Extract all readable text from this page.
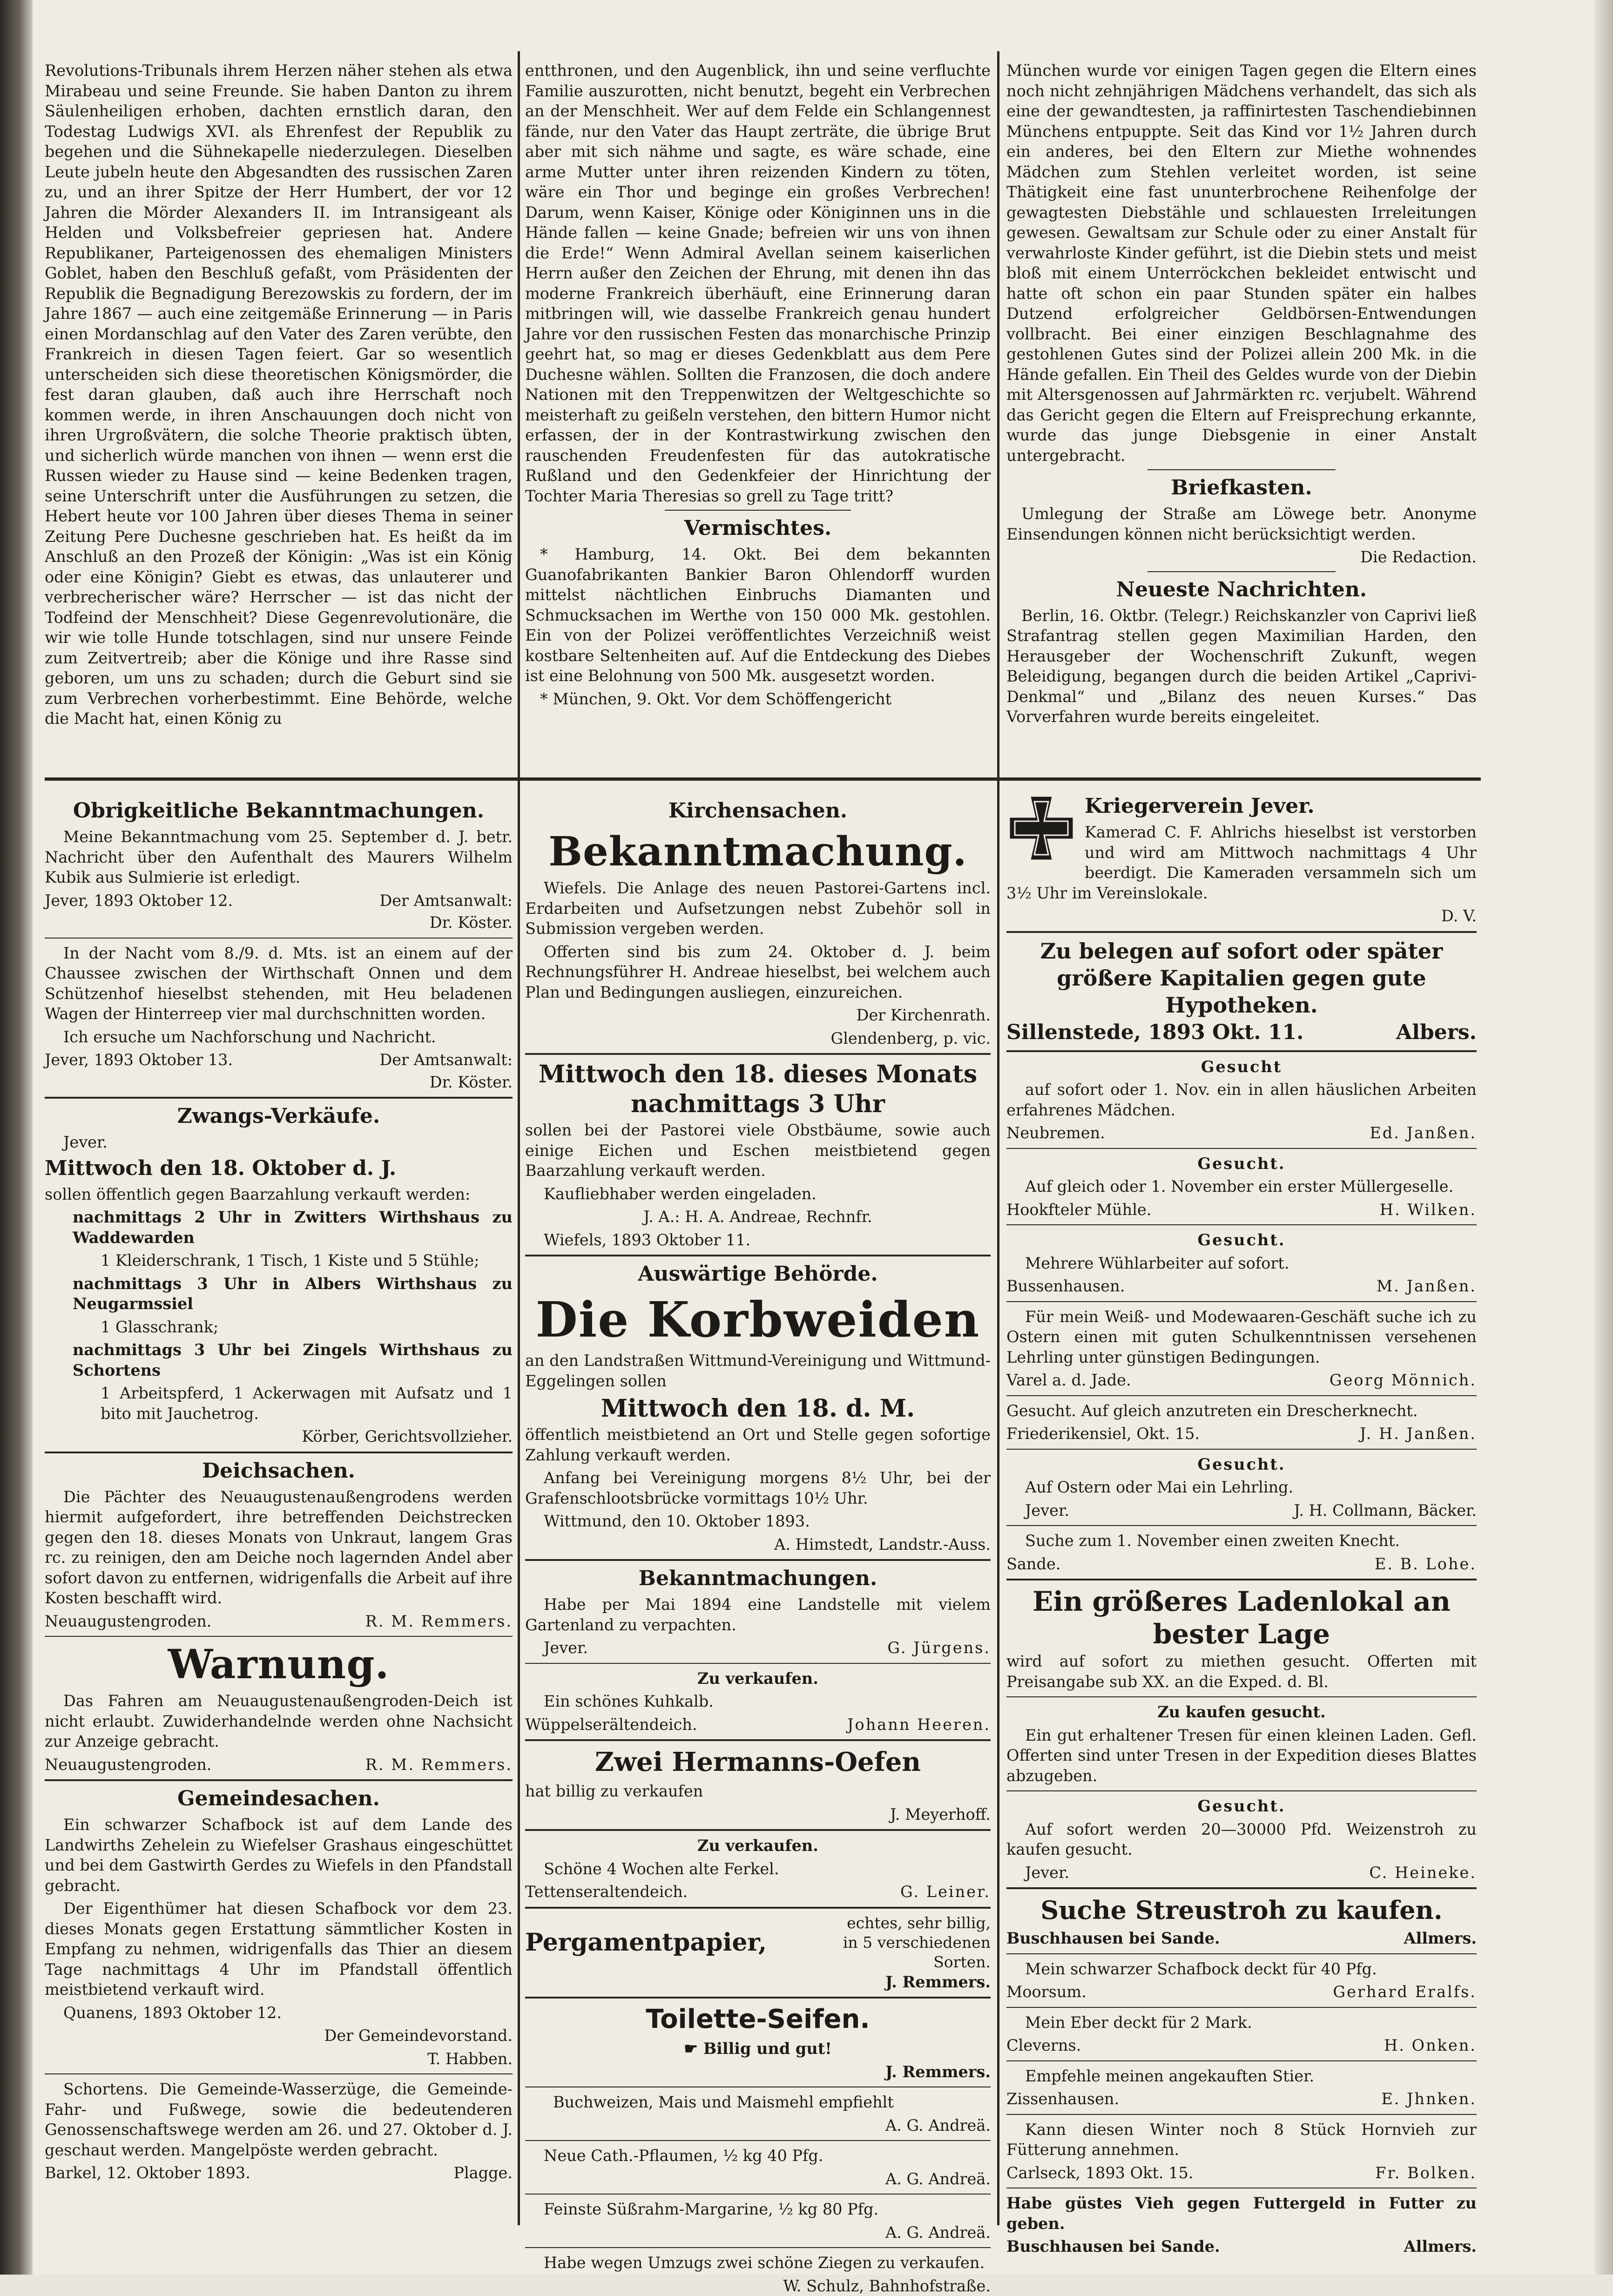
Revolutions-Tribunals ihrem Herzen näher stehen als etwa Mirabeau und seine Freunde. Sie haben Danton zu ihrem Säulenheiligen erhoben, dachten ernstlich daran, den Todestag Ludwigs XVI. als Ehrenfest der Republik zu begehen und die Sühnekapelle niederzulegen. Dieselben Leute jubeln heute den Abgesandten des russischen Zaren zu, und an ihrer Spitze der Herr Humbert, der vor 12 Jahren die Mörder Alexanders II. im Intransigeant als Helden und Volksbefreier gepriesen hat. Andere Republikaner, Parteigenossen des ehemaligen Ministers Goblet, haben den Beschluß gefaßt, vom Präsidenten der Republik die Begnadigung Berezowskis zu fordern, der im Jahre 1867 — auch eine zeitgemäße Erinnerung — in Paris einen Mordanschlag auf den Vater des Zaren verübte, den Frankreich in diesen Tagen feiert. Gar so wesentlich unterscheiden sich diese theoretischen Königsmörder, die fest daran glauben, daß auch ihre Herrschaft noch kommen werde, in ihren Anschauungen doch nicht von ihren Urgroßvätern, die solche Theorie praktisch übten, und sicherlich würde manchen von ihnen — wenn erst die Russen wieder zu Hause sind — keine Bedenken tragen, seine Unterschrift unter die Ausführungen zu setzen, die Hebert heute vor 100 Jahren über dieses Thema in seiner Zeitung Pere Duchesne geschrieben hat. Es heißt da im Anschluß an den Prozeß der Königin: „Was ist ein König oder eine Königin? Giebt es etwas, das unlauterer und verbrecherischer wäre? Herrscher — ist das nicht der Todfeind der Menschheit? Diese Gegenrevolutionäre, die wir wie tolle Hunde totschlagen, sind nur unsere Feinde zum Zeitvertreib; aber die Könige und ihre Rasse sind geboren, um uns zu schaden; durch die Geburt sind sie zum Verbrechen vorherbestimmt. Eine Behörde, welche die Macht hat, einen König zu

entthronen, und den Augenblick, ihn und seine verfluchte Familie auszurotten, nicht benutzt, begeht ein Verbrechen an der Menschheit. Wer auf dem Felde ein Schlangennest fände, nur den Vater das Haupt zerträte, die übrige Brut aber mit sich nähme und sagte, es wäre schade, eine arme Mutter unter ihren reizenden Kindern zu töten, wäre ein Thor und beginge ein großes Verbrechen! Darum, wenn Kaiser, Könige oder Königinnen uns in die Hände fallen — keine Gnade; befreien wir uns von ihnen die Erde!“ Wenn Admiral Avellan seinem kaiserlichen Herrn außer den Zeichen der Ehrung, mit denen ihn das moderne Frankreich überhäuft, eine Erinnerung daran mitbringen will, wie dasselbe Frankreich genau hundert Jahre vor den russischen Festen das monarchische Prinzip geehrt hat, so mag er dieses Gedenkblatt aus dem Pere Duchesne wählen. Sollten die Franzosen, die doch andere Nationen mit den Treppenwitzen der Weltgeschichte so meisterhaft zu geißeln verstehen, den bittern Humor nicht erfassen, der in der Kontrastwirkung zwischen den rauschenden Freudenfesten für das autokratische Rußland und den Gedenkfeier der Hinrichtung der Tochter Maria Theresias so grell zu Tage tritt?

Vermischtes.

* Hamburg, 14. Okt. Bei dem bekannten Guanofabrikanten Bankier Baron Ohlendorff wurden mittelst nächtlichen Einbruchs Diamanten und Schmucksachen im Werthe von 150 000 Mk. gestohlen. Ein von der Polizei veröffentlichtes Verzeichniß weist kostbare Seltenheiten auf. Auf die Entdeckung des Diebes ist eine Belohnung von 500 Mk. ausgesetzt worden.

* München, 9. Okt. Vor dem Schöffengericht

München wurde vor einigen Tagen gegen die Eltern eines noch nicht zehnjährigen Mädchens verhandelt, das sich als eine der gewandtesten, ja raffinirtesten Taschendiebinnen Münchens entpuppte. Seit das Kind vor 1½ Jahren durch ein anderes, bei den Eltern zur Miethe wohnendes Mädchen zum Stehlen verleitet worden, ist seine Thätigkeit eine fast ununterbrochene Reihenfolge der gewagtesten Diebstähle und schlauesten Irreleitungen gewesen. Gewaltsam zur Schule oder zu einer Anstalt für verwahrloste Kinder geführt, ist die Diebin stets und meist bloß mit einem Unterröckchen bekleidet entwischt und hatte oft schon ein paar Stunden später ein halbes Dutzend erfolgreicher Geldbörsen-Entwendungen vollbracht. Bei einer einzigen Beschlagnahme des gestohlenen Gutes sind der Polizei allein 200 Mk. in die Hände gefallen. Ein Theil des Geldes wurde von der Diebin mit Altersgenossen auf Jahrmärkten rc. verjubelt. Während das Gericht gegen die Eltern auf Freisprechung erkannte, wurde das junge Diebsgenie in einer Anstalt untergebracht.

Briefkasten.

Umlegung der Straße am Löwege betr. Anonyme Einsendungen können nicht berücksichtigt werden.

Die Redaction.

Neueste Nachrichten.

Berlin, 16. Oktbr. (Telegr.) Reichskanzler von Caprivi ließ Strafantrag stellen gegen Maximilian Harden, den Herausgeber der Wochenschrift Zukunft, wegen Beleidigung, begangen durch die beiden Artikel „Caprivi-Denkmal“ und „Bilanz des neuen Kurses.“ Das Vorverfahren wurde bereits eingeleitet.

Obrigkeitliche Bekanntmachungen.

Meine Bekanntmachung vom 25. September d. J. betr. Nachricht über den Aufenthalt des Maurers Wilhelm Kubik aus Sulmierie ist erledigt.

Jever, 1893 Oktober 12.	Der Amtsanwalt:

Dr. Köster.

In der Nacht vom 8./9. d. Mts. ist an einem auf der Chaussee zwischen der Wirthschaft Onnen und dem Schützenhof hieselbst stehenden, mit Heu beladenen Wagen der Hinterreep vier mal durchschnitten worden.

Ich ersuche um Nachforschung und Nachricht.

Jever, 1893 Oktober 13.	Der Amtsanwalt:

Dr. Köster.

Zwangs-Verkäufe.

Jever.

Mittwoch den 18. Oktober d. J.

sollen öffentlich gegen Baarzahlung verkauft werden:

nachmittags 2 Uhr in Zwitters Wirthshaus zu Waddewarden

1 Kleiderschrank, 1 Tisch, 1 Kiste und 5 Stühle;

nachmittags 3 Uhr in Albers Wirthshaus zu Neugarmssiel

1 Glasschrank;

nachmittags 3 Uhr bei Zingels Wirthshaus zu Schortens

1 Arbeitspferd, 1 Ackerwagen mit Aufsatz und 1 bito mit Jauchetrog.

Körber, Gerichtsvollzieher.

Deichsachen.

Die Pächter des Neuaugustenaußengrodens werden hiermit aufgefordert, ihre betreffenden Deichstrecken gegen den 18. dieses Monats von Unkraut, langem Gras rc. zu reinigen, den am Deiche noch lagernden Andel aber sofort davon zu entfernen, widrigenfalls die Arbeit auf ihre Kosten beschafft wird.

Neuaugustengroden.	R. M. Remmers.
Warnung.

Das Fahren am Neuaugustenaußengroden-Deich ist nicht erlaubt. Zuwiderhandelnde werden ohne Nachsicht zur Anzeige gebracht.

Neuaugustengroden.	R. M. Remmers.
Gemeindesachen.

Ein schwarzer Schafbock ist auf dem Lande des Landwirths Zehelein zu Wiefelser Grashaus eingeschüttet und bei dem Gastwirth Gerdes zu Wiefels in den Pfandstall gebracht.

Der Eigenthümer hat diesen Schafbock vor dem 23. dieses Monats gegen Erstattung sämmtlicher Kosten in Empfang zu nehmen, widrigenfalls das Thier an diesem Tage nachmittags 4 Uhr im Pfandstall öffentlich meistbietend verkauft wird.

Quanens, 1893 Oktober 12.

Der Gemeindevorstand.

T. Habben.

Schortens. Die Gemeinde-Wasserzüge, die Gemeinde-Fahr- und Fußwege, sowie die bedeutenderen Genossenschaftswege werden am 26. und 27. Oktober d. J. geschaut werden. Mangelpöste werden gebracht.

Barkel, 12. Oktober 1893.	Plagge.
Kirchensachen.
Bekanntmachung.

Wiefels. Die Anlage des neuen Pastorei-Gartens incl. Erdarbeiten und Aufsetzungen nebst Zubehör soll in Submission vergeben werden.

Offerten sind bis zum 24. Oktober d. J. beim Rechnungsführer H. Andreae hieselbst, bei welchem auch Plan und Bedingungen ausliegen, einzureichen.

Der Kirchenrath.

Glendenberg, p. vic.

Mittwoch den 18. dieses Monats nachmittags 3 Uhr

sollen bei der Pastorei viele Obstbäume, sowie auch einige Eichen und Eschen meistbietend gegen Baarzahlung verkauft werden.

Kaufliebhaber werden eingeladen.

J. A.: H. A. Andreae, Rechnfr.

Wiefels, 1893 Oktober 11.

Auswärtige Behörde.
Die Korbweiden

an den Landstraßen Wittmund-Vereinigung und Wittmund-Eggelingen sollen

Mittwoch den 18. d. M.

öffentlich meistbietend an Ort und Stelle gegen sofortige Zahlung verkauft werden.

Anfang bei Vereinigung morgens 8½ Uhr, bei der Grafenschlootsbrücke vormittags 10½ Uhr.

Wittmund, den 10. Oktober 1893.

A. Himstedt, Landstr.-Auss.

Bekanntmachungen.

Habe per Mai 1894 eine Landstelle mit vielem Gartenland zu verpachten.

Jever.	G. Jürgens.

Zu verkaufen.

Ein schönes Kuhkalb.

Wüppelserältendeich.	Johann Heeren.
Zwei Hermanns-Oefen

hat billig zu verkaufen

J. Meyerhoff.

Zu verkaufen.

Schöne 4 Wochen alte Ferkel.

Tettenseraltendeich.	G. Leiner.
Pergamentpapier,
echtes, sehr billig, in 5 verschiedenen Sorten.

J. Remmers.

Toilette-Seifen.

☛ Billig und gut!

J. Remmers.

Buchweizen, Mais und Maismehl empfiehlt

A. G. Andreä.

Neue Cath.-Pflaumen, ½ kg 40 Pfg.

A. G. Andreä.

Feinste Süßrahm-Margarine, ½ kg 80 Pfg.

A. G. Andreä.

Habe wegen Umzugs zwei schöne Ziegen zu verkaufen.

W. Schulz, Bahnhofstraße.

Kriegerverein Jever.

Kamerad C. F. Ahlrichs hieselbst ist verstorben und wird am Mittwoch nachmittags 4 Uhr beerdigt. Die Kameraden versammeln sich um 3½ Uhr im Vereinslokale.

D. V.

Zu belegen auf sofort oder später größere Kapitalien gegen gute Hypotheken.
Sillenstede, 1893 Okt. 11.	Albers.

Gesucht

auf sofort oder 1. Nov. ein in allen häuslichen Arbeiten erfahrenes Mädchen.

Neubremen.	Ed. Janßen.

Gesucht.

Auf gleich oder 1. November ein erster Müllergeselle.

Hookfteler Mühle.	H. Wilken.

Gesucht.

Mehrere Wühlarbeiter auf sofort.

Bussenhausen.	M. Janßen.

Für mein Weiß- und Modewaaren-Geschäft suche ich zu Ostern einen mit guten Schulkenntnissen versehenen Lehrling unter günstigen Bedingungen.

Varel a. d. Jade.	Georg Mönnich.

Gesucht. Auf gleich anzutreten ein Drescherknecht.

Friederikensiel, Okt. 15.	J. H. Janßen.

Gesucht.

Auf Ostern oder Mai ein Lehrling.

Jever.	J. H. Collmann, Bäcker.

Suche zum 1. November einen zweiten Knecht.

Sande.	E. B. Lohe.
Ein größeres Ladenlokal an bester Lage

wird auf sofort zu miethen gesucht. Offerten mit Preisangabe sub XX. an die Exped. d. Bl.

Zu kaufen gesucht.

Ein gut erhaltener Tresen für einen kleinen Laden. Gefl. Offerten sind unter Tresen in der Expedition dieses Blattes abzugeben.

Gesucht.

Auf sofort werden 20—30000 Pfd. Weizenstroh zu kaufen gesucht.

Jever.	C. Heineke.
Suche Streustroh zu kaufen.
Buschhausen bei Sande.	Allmers.

Mein schwarzer Schafbock deckt für 40 Pfg.

Moorsum.	Gerhard Eralfs.

Mein Eber deckt für 2 Mark.

Cleverns.	H. Onken.

Empfehle meinen angekauften Stier.

Zissenhausen.	E. Jhnken.

Kann diesen Winter noch 8 Stück Hornvieh zur Fütterung annehmen.

Carlseck, 1893 Okt. 15.	Fr. Bolken.

Habe güstes Vieh gegen Futtergeld in Futter zu geben.

Buschhausen bei Sande.	Allmers.
